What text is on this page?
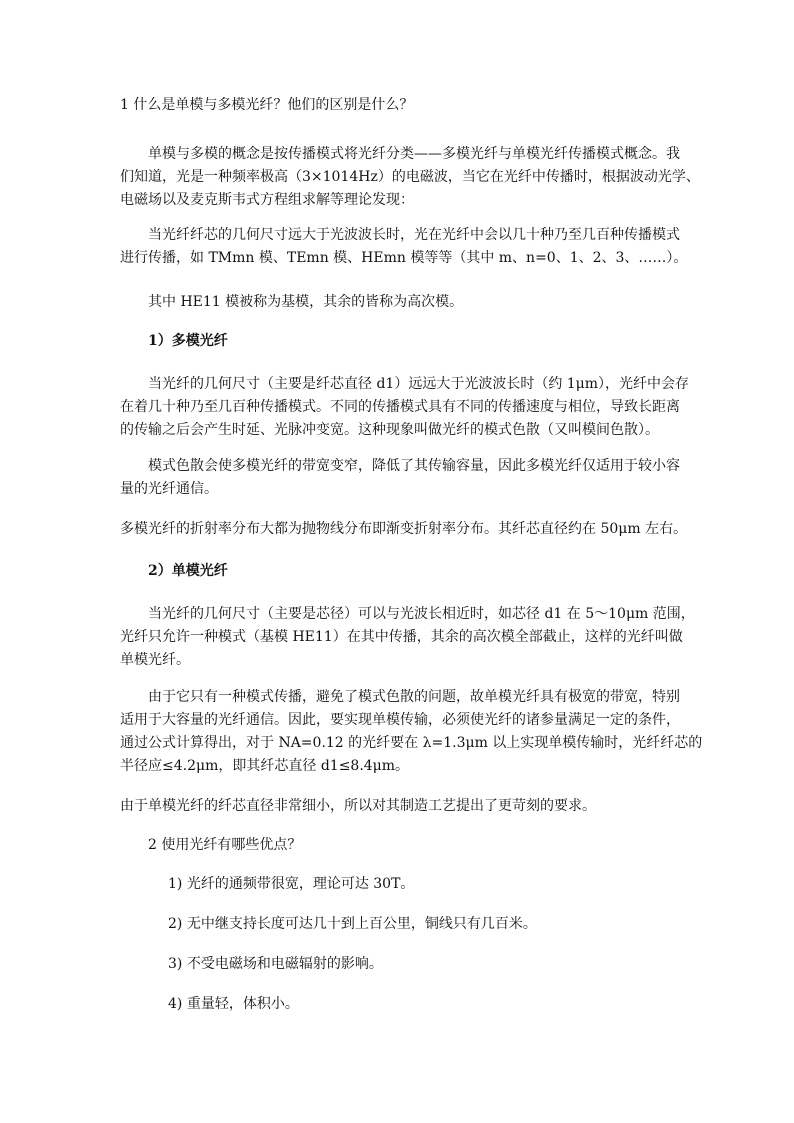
1 什么是单模与多模光纤？他们的区别是什么？
单模与多模的概念是按传播模式将光纤分类——多模光纤与单模光纤传播模式概念。我
们知道，光是一种频率极高（3×1014Hz）的电磁波，当它在光纤中传播时，根据波动光学、
电磁场以及麦克斯韦式方程组求解等理论发现：
当光纤纤芯的几何尺寸远大于光波波长时，光在光纤中会以几十种乃至几百种传播模式
进行传播，如 TMmn 模、TEmn 模、HEmn 模等等（其中 m、n=0、1、2、3、……）。
其中 HE11 模被称为基模，其余的皆称为高次模。
1）多模光纤
当光纤的几何尺寸（主要是纤芯直径 d1）远远大于光波波长时（约 1μm），光纤中会存
在着几十种乃至几百种传播模式。不同的传播模式具有不同的传播速度与相位，导致长距离
的传输之后会产生时延、光脉冲变宽。这种现象叫做光纤的模式色散（又叫模间色散）。
模式色散会使多模光纤的带宽变窄，降低了其传输容量，因此多模光纤仅适用于较小容
量的光纤通信。
多模光纤的折射率分布大都为抛物线分布即渐变折射率分布。其纤芯直径约在 50μm 左右。
2）单模光纤
当光纤的几何尺寸（主要是芯径）可以与光波长相近时，如芯径 d1 在 5～10μm 范围，
光纤只允许一种模式（基模 HE11）在其中传播，其余的高次模全部截止，这样的光纤叫做
单模光纤。
由于它只有一种模式传播，避免了模式色散的问题，故单模光纤具有极宽的带宽，特别
适用于大容量的光纤通信。因此，要实现单模传输，必须使光纤的诸参量满足一定的条件，
通过公式计算得出，对于 NA=0.12 的光纤要在 λ=1.3μm 以上实现单模传输时，光纤纤芯的
半径应≤4.2μm，即其纤芯直径 d1≤8.4μm。
由于单模光纤的纤芯直径非常细小，所以对其制造工艺提出了更苛刻的要求。
2 使用光纤有哪些优点？
1) 光纤的通频带很宽，理论可达 30T。
2) 无中继支持长度可达几十到上百公里，铜线只有几百米。
3) 不受电磁场和电磁辐射的影响。
4) 重量轻，体积小。
